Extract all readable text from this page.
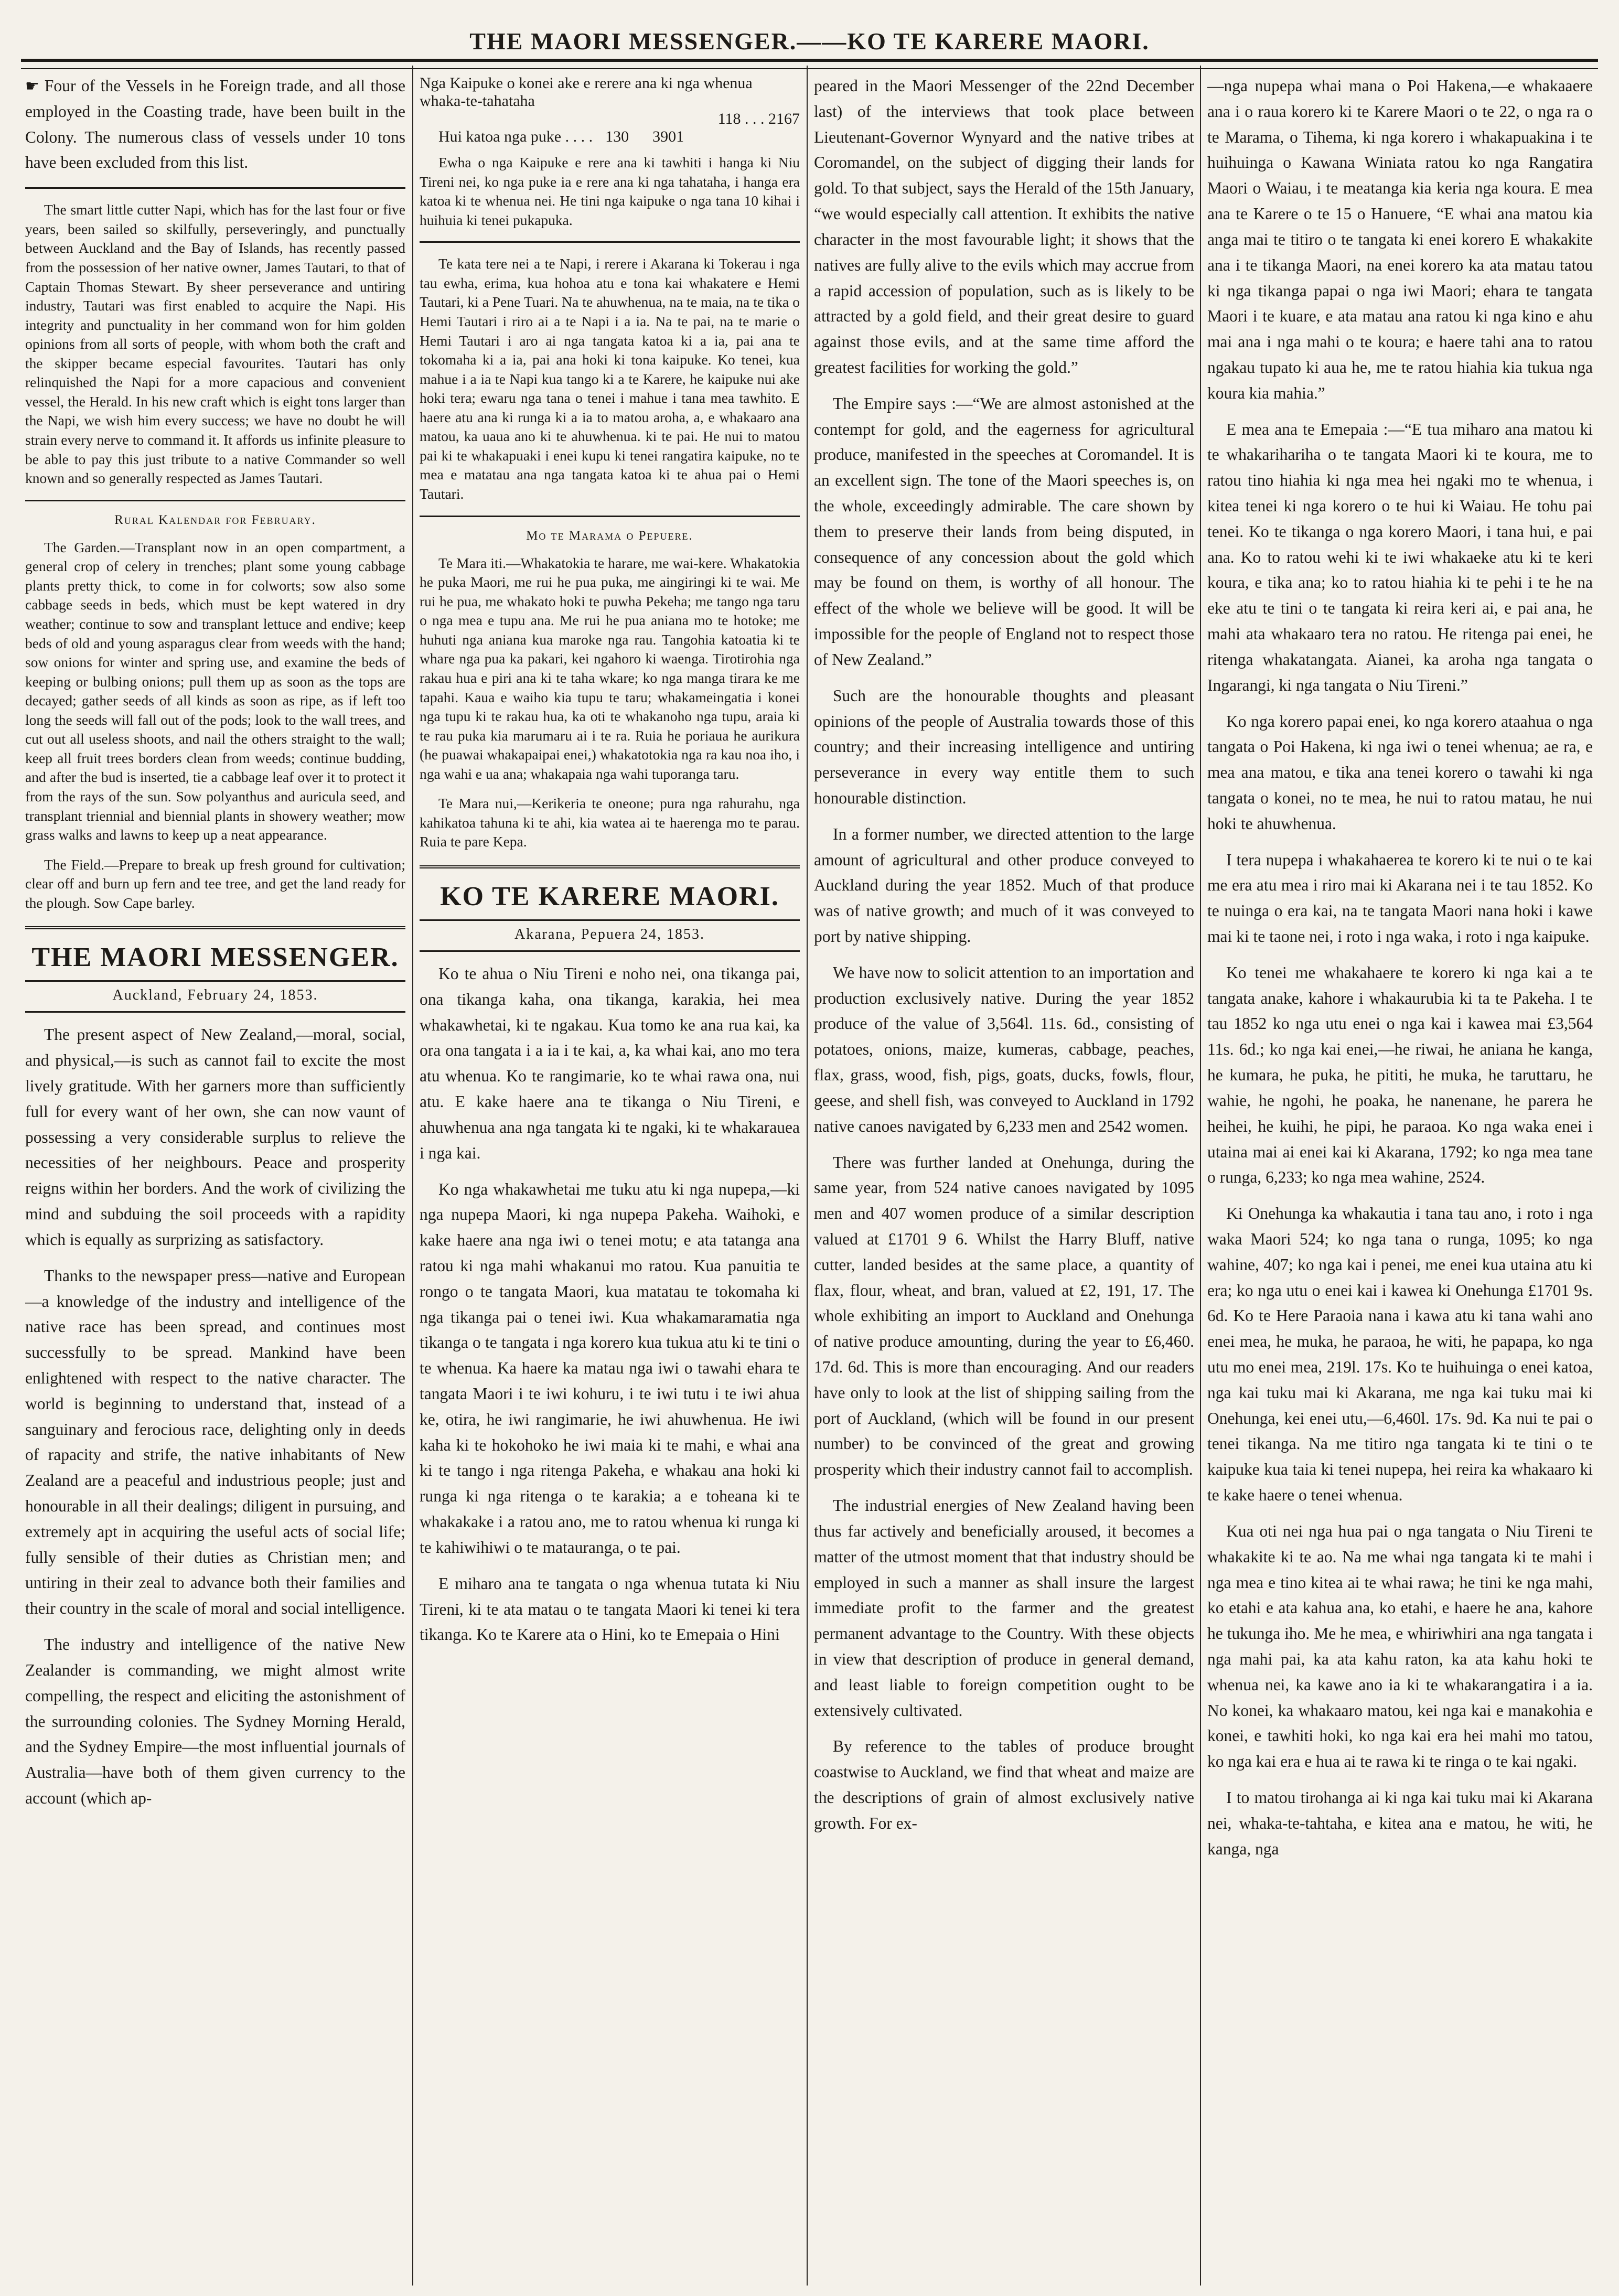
THE MAORI MESSENGER.——KO TE KARERE MAORI.

☛ Four of the Vessels in he Foreign trade, and all those employed in the Coasting trade, have been built in the Colony. The numerous class of vessels under 10 tons have been excluded from this list.

The smart little cutter Napi, which has for the last four or five years, been sailed so skilfully, perseveringly, and punctually between Auckland and the Bay of Islands, has recently passed from the possession of her native owner, James Tautari, to that of Captain Thomas Stewart. By sheer perseverance and untiring industry, Tautari was first enabled to acquire the Napi. His integrity and punctuality in her command won for him golden opinions from all sorts of people, with whom both the craft and the skipper became especial favourites. Tautari has only relinquished the Napi for a more capacious and convenient vessel, the Herald. In his new craft which is eight tons larger than the Napi, we wish him every success; we have no doubt he will strain every nerve to command it. It affords us infinite pleasure to be able to pay this just tribute to a native Commander so well known and so generally respected as James Tautari.

Rural Kalendar for February.

The Garden.—Transplant now in an open compartment, a general crop of celery in trenches; plant some young cabbage plants pretty thick, to come in for colworts; sow also some cabbage seeds in beds, which must be kept watered in dry weather; continue to sow and transplant lettuce and endive; keep beds of old and young asparagus clear from weeds with the hand; sow onions for winter and spring use, and examine the beds of keeping or bulbing onions; pull them up as soon as the tops are decayed; gather seeds of all kinds as soon as ripe, as if left too long the seeds will fall out of the pods; look to the wall trees, and cut out all useless shoots, and nail the others straight to the wall; keep all fruit trees borders clean from weeds; continue budding, and after the bud is inserted, tie a cabbage leaf over it to protect it from the rays of the sun. Sow polyanthus and auricula seed, and transplant triennial and biennial plants in showery weather; mow grass walks and lawns to keep up a neat appearance.

The Field.—Prepare to break up fresh ground for cultivation; clear off and burn up fern and tee tree, and get the land ready for the plough. Sow Cape barley.

THE MAORI MESSENGER.
Auckland, February 24, 1853.

The present aspect of New Zealand,—moral, social, and physical,—is such as cannot fail to excite the most lively gratitude. With her garners more than sufficiently full for every want of her own, she can now vaunt of possessing a very considerable surplus to relieve the necessities of her neighbours. Peace and prosperity reigns within her borders. And the work of civilizing the mind and subduing the soil proceeds with a rapidity which is equally as surprizing as satisfactory.

Thanks to the newspaper press—native and European—a knowledge of the industry and intelligence of the native race has been spread, and continues most successfully to be spread. Mankind have been enlightened with respect to the native character. The world is beginning to understand that, instead of a sanguinary and ferocious race, delighting only in deeds of rapacity and strife, the native inhabitants of New Zealand are a peaceful and industrious people; just and honourable in all their dealings; diligent in pursuing, and extremely apt in acquiring the useful acts of social life; fully sensible of their duties as Christian men; and untiring in their zeal to advance both their families and their country in the scale of moral and social intelligence.

The industry and intelligence of the native New Zealander is commanding, we might almost write compelling, the respect and eliciting the astonishment of the surrounding colonies. The Sydney Morning Herald, and the Sydney Empire—the most influential journals of Australia—have both of them given currency to the account (which ap-

Nga Kaipuke o konei ake e rerere ana ki nga whenua whaka-te-tahataha
118 . . . 2167
Hui katoa nga puke . . . . 130      3901

Ewha o nga Kaipuke e rere ana ki tawhiti i hanga ki Niu Tireni nei, ko nga puke ia e rere ana ki nga tahataha, i hanga era katoa ki te whenua nei. He tini nga kaipuke o nga tana 10 kihai i huihuia ki tenei pukapuka.

Te kata tere nei a te Napi, i rerere i Akarana ki Tokerau i nga tau ewha, erima, kua hohoa atu e tona kai whakatere e Hemi Tautari, ki a Pene Tuari. Na te ahuwhenua, na te maia, na te tika o Hemi Tautari i riro ai a te Napi i a ia. Na te pai, na te marie o Hemi Tautari i aro ai nga tangata katoa ki a ia, pai ana te tokomaha ki a ia, pai ana hoki ki tona kaipuke. Ko tenei, kua mahue i a ia te Napi kua tango ki a te Karere, he kaipuke nui ake hoki tera; ewaru nga tana o tenei i mahue i tana mea tawhito. E haere atu ana ki runga ki a ia to matou aroha, a, e whakaaro ana matou, ka uaua ano ki te ahuwhenua. ki te pai. He nui to matou pai ki te whakapuaki i enei kupu ki tenei rangatira kaipuke, no te mea e matatau ana nga tangata katoa ki te ahua pai o Hemi Tautari.

Mo te Marama o Pepuere.

Te Mara iti.—Whakatokia te harare, me wai-kere. Whakatokia he puka Maori, me rui he pua puka, me aingiringi ki te wai. Me rui he pua, me whakato hoki te puwha Pekeha; me tango nga taru o nga mea e tupu ana. Me rui he pua aniana mo te hotoke; me huhuti nga aniana kua maroke nga rau. Tangohia katoatia ki te whare nga pua ka pakari, kei ngahoro ki waenga. Tirotirohia nga rakau hua e piri ana ki te taha wkare; ko nga manga tirara ke me tapahi. Kaua e waiho kia tupu te taru; whakameingatia i konei nga tupu ki te rakau hua, ka oti te whakanoho nga tupu, araia ki te rau puka kia marumaru ai i te ra. Ruia he poriaua he aurikura (he puawai whakapaipai enei,) whakatotokia nga ra kau noa iho, i nga wahi e ua ana; whakapaia nga wahi tuporanga taru.

Te Mara nui,—Kerikeria te oneone; pura nga rahurahu, nga kahikatoa tahuna ki te ahi, kia watea ai te haerenga mo te parau. Ruia te pare Kepa.

KO TE KARERE MAORI.
Akarana, Pepuera 24, 1853.

Ko te ahua o Niu Tireni e noho nei, ona tikanga pai, ona tikanga kaha, ona tikanga, karakia, hei mea whakawhetai, ki te ngakau. Kua tomo ke ana rua kai, ka ora ona tangata i a ia i te kai, a, ka whai kai, ano mo tera atu whenua. Ko te rangimarie, ko te whai rawa ona, nui atu. E kake haere ana te tikanga o Niu Tireni, e ahuwhenua ana nga tangata ki te ngaki, ki te whakarauea i nga kai.

Ko nga whakawhetai me tuku atu ki nga nupepa,—ki nga nupepa Maori, ki nga nupepa Pakeha. Waihoki, e kake haere ana nga iwi o tenei motu; e ata tatanga ana ratou ki nga mahi whakanui mo ratou. Kua panuitia te rongo o te tangata Maori, kua matatau te tokomaha ki nga tikanga pai o tenei iwi. Kua whakamaramatia nga tikanga o te tangata i nga korero kua tukua atu ki te tini o te whenua. Ka haere ka matau nga iwi o tawahi ehara te tangata Maori i te iwi kohuru, i te iwi tutu i te iwi ahua ke, otira, he iwi rangimarie, he iwi ahuwhenua. He iwi kaha ki te hokohoko he iwi maia ki te mahi, e whai ana ki te tango i nga ritenga Pakeha, e whakau ana hoki ki runga ki nga ritenga o te karakia; a e toheana ki te whakakake i a ratou ano, me to ratou whenua ki runga ki te kahiwihiwi o te matauranga, o te pai.

E miharo ana te tangata o nga whenua tutata ki Niu Tireni, ki te ata matau o te tangata Maori ki tenei ki tera tikanga. Ko te Karere ata o Hini, ko te Emepaia o Hini

peared in the Maori Messenger of the 22nd December last) of the interviews that took place between Lieutenant-Governor Wynyard and the native tribes at Coromandel, on the subject of digging their lands for gold. To that subject, says the Herald of the 15th January, “we would especially call attention. It exhibits the native character in the most favourable light; it shows that the natives are fully alive to the evils which may accrue from a rapid accession of population, such as is likely to be attracted by a gold field, and their great desire to guard against those evils, and at the same time afford the greatest facilities for working the gold.”

The Empire says :—“We are almost astonished at the contempt for gold, and the eagerness for agricultural produce, manifested in the speeches at Coromandel. It is an excellent sign. The tone of the Maori speeches is, on the whole, exceedingly admirable. The care shown by them to preserve their lands from being disputed, in consequence of any concession about the gold which may be found on them, is worthy of all honour. The effect of the whole we believe will be good. It will be impossible for the people of England not to respect those of New Zealand.”

Such are the honourable thoughts and pleasant opinions of the people of Australia towards those of this country; and their increasing intelligence and untiring perseverance in every way entitle them to such honourable distinction.

In a former number, we directed attention to the large amount of agricultural and other produce conveyed to Auckland during the year 1852. Much of that produce was of native growth; and much of it was conveyed to port by native shipping.

We have now to solicit attention to an importation and production exclusively native. During the year 1852 produce of the value of 3,564l. 11s. 6d., consisting of potatoes, onions, maize, kumeras, cabbage, peaches, flax, grass, wood, fish, pigs, goats, ducks, fowls, flour, geese, and shell fish, was conveyed to Auckland in 1792 native canoes navigated by 6,233 men and 2542 women.

There was further landed at Onehunga, during the same year, from 524 native canoes navigated by 1095 men and 407 women produce of a similar description valued at £1701 9 6. Whilst the Harry Bluff, native cutter, landed besides at the same place, a quantity of flax, flour, wheat, and bran, valued at £2, 191, 17. The whole exhibiting an import to Auckland and Onehunga of native produce amounting, during the year to £6,460. 17d. 6d. This is more than encouraging. And our readers have only to look at the list of shipping sailing from the port of Auckland, (which will be found in our present number) to be convinced of the great and growing prosperity which their industry cannot fail to accomplish.

The industrial energies of New Zealand having been thus far actively and beneficially aroused, it becomes a matter of the utmost moment that that industry should be employed in such a manner as shall insure the largest immediate profit to the farmer and the greatest permanent advantage to the Country. With these objects in view that description of produce in general demand, and least liable to foreign competition ought to be extensively cultivated.

By reference to the tables of produce brought coastwise to Auckland, we find that wheat and maize are the descriptions of grain of almost exclusively native growth. For ex-

—nga nupepa whai mana o Poi Hakena,—e whakaaere ana i o raua korero ki te Karere Maori o te 22, o nga ra o te Marama, o Tihema, ki nga korero i whakapuakina i te huihuinga o Kawana Winiata ratou ko nga Rangatira Maori o Waiau, i te meatanga kia keria nga koura. E mea ana te Karere o te 15 o Hanuere, “E whai ana matou kia anga mai te titiro o te tangata ki enei korero E whakakite ana i te tikanga Maori, na enei korero ka ata matau tatou ki nga tikanga papai o nga iwi Maori; ehara te tangata Maori i te kuare, e ata matau ana ratou ki nga kino e ahu mai ana i nga mahi o te koura; e haere tahi ana to ratou ngakau tupato ki aua he, me te ratou hiahia kia tukua nga koura kia mahia.”

E mea ana te Emepaia :—“E tua miharo ana matou ki te whakarihariha o te tangata Maori ki te koura, me to ratou tino hiahia ki nga mea hei ngaki mo te whenua, i kitea tenei ki nga korero o te hui ki Waiau. He tohu pai tenei. Ko te tikanga o nga korero Maori, i tana hui, e pai ana. Ko to ratou wehi ki te iwi whakaeke atu ki te keri koura, e tika ana; ko to ratou hiahia ki te pehi i te he na eke atu te tini o te tangata ki reira keri ai, e pai ana, he mahi ata whakaaro tera no ratou. He ritenga pai enei, he ritenga whakatangata. Aianei, ka aroha nga tangata o Ingarangi, ki nga tangata o Niu Tireni.”

Ko nga korero papai enei, ko nga korero ataahua o nga tangata o Poi Hakena, ki nga iwi o tenei whenua; ae ra, e mea ana matou, e tika ana tenei korero o tawahi ki nga tangata o konei, no te mea, he nui to ratou matau, he nui hoki te ahuwhenua.

I tera nupepa i whakahaerea te korero ki te nui o te kai me era atu mea i riro mai ki Akarana nei i te tau 1852. Ko te nuinga o era kai, na te tangata Maori nana hoki i kawe mai ki te taone nei, i roto i nga waka, i roto i nga kaipuke.

Ko tenei me whakahaere te korero ki nga kai a te tangata anake, kahore i whakaurubia ki ta te Pakeha. I te tau 1852 ko nga utu enei o nga kai i kawea mai £3,564 11s. 6d.; ko nga kai enei,—he riwai, he aniana he kanga, he kumara, he puka, he pititi, he muka, he taruttaru, he wahie, he ngohi, he poaka, he nanenane, he parera he heihei, he kuihi, he pipi, he paraoa. Ko nga waka enei i utaina mai ai enei kai ki Akarana, 1792; ko nga mea tane o runga, 6,233; ko nga mea wahine, 2524.

Ki Onehunga ka whakautia i tana tau ano, i roto i nga waka Maori 524; ko nga tana o runga, 1095; ko nga wahine, 407; ko nga kai i penei, me enei kua utaina atu ki era; ko nga utu o enei kai i kawea ki Onehunga £1701 9s. 6d. Ko te Here Paraoia nana i kawa atu ki tana wahi ano enei mea, he muka, he paraoa, he witi, he papapa, ko nga utu mo enei mea, 219l. 17s. Ko te huihuinga o enei katoa, nga kai tuku mai ki Akarana, me nga kai tuku mai ki Onehunga, kei enei utu,—6,460l. 17s. 9d. Ka nui te pai o tenei tikanga. Na me titiro nga tangata ki te tini o te kaipuke kua taia ki tenei nupepa, hei reira ka whakaaro ki te kake haere o tenei whenua.

Kua oti nei nga hua pai o nga tangata o Niu Tireni te whakakite ki te ao. Na me whai nga tangata ki te mahi i nga mea e tino kitea ai te whai rawa; he tini ke nga mahi, ko etahi e ata kahua ana, ko etahi, e haere he ana, kahore he tukunga iho. Me he mea, e whiriwhiri ana nga tangata i nga mahi pai, ka ata kahu raton, ka ata kahu hoki te whenua nei, ka kawe ano ia ki te whakarangatira i a ia. No konei, ka whakaaro matou, kei nga kai e manakohia e konei, e tawhiti hoki, ko nga kai era hei mahi mo tatou, ko nga kai era e hua ai te rawa ki te ringa o te kai ngaki.

I to matou tirohanga ai ki nga kai tuku mai ki Akarana nei, whaka-te-tahtaha, e kitea ana e matou, he witi, he kanga, nga
